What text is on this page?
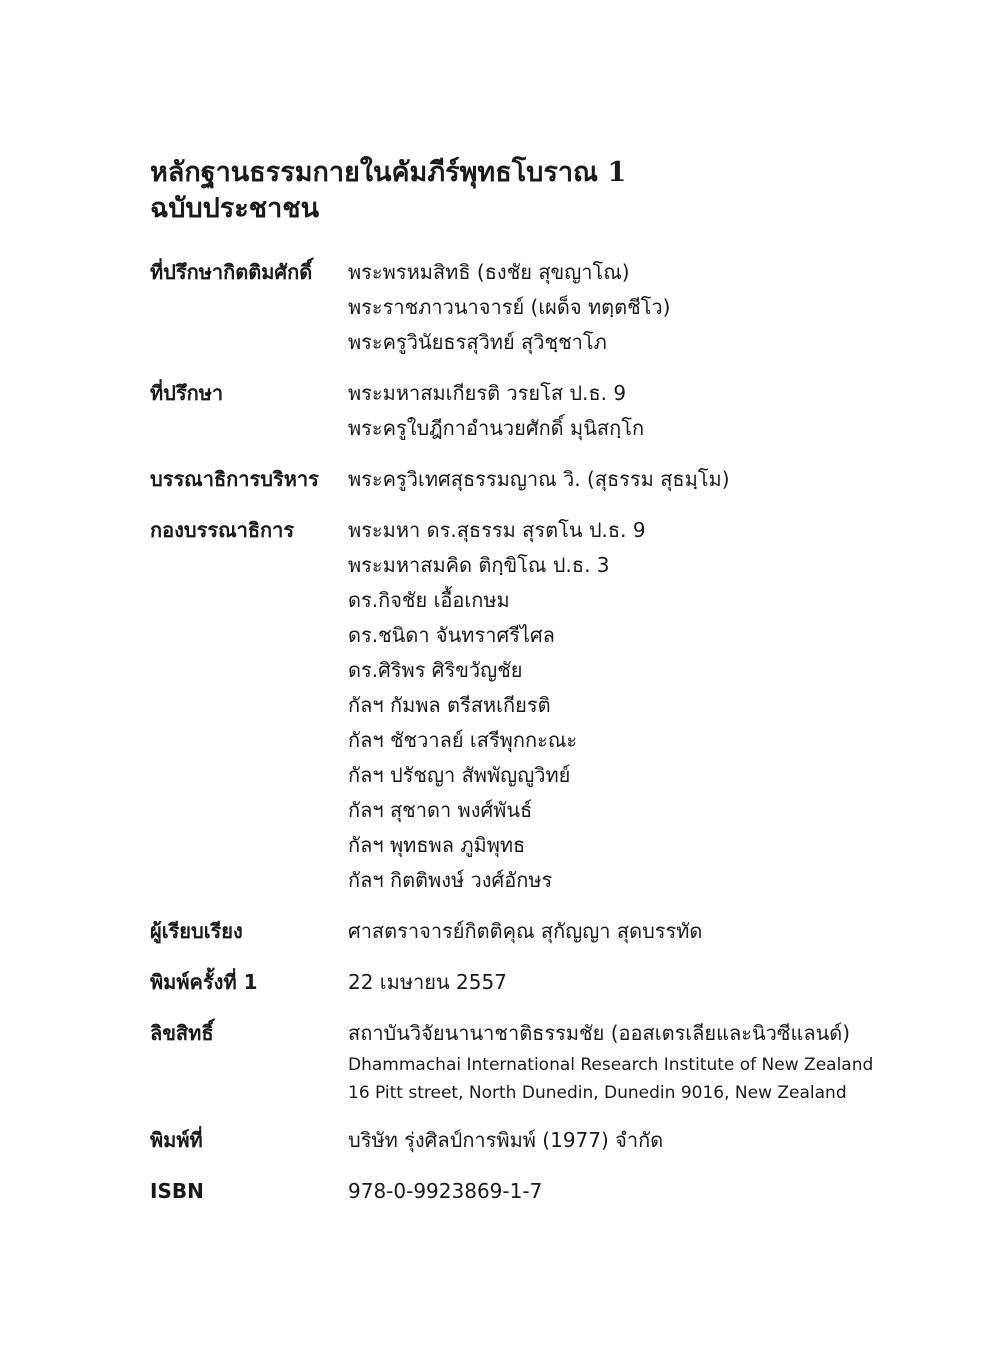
หลักฐานธรรมกายในคัมภีร์พุทธโบราณ 1
ฉบับประชาชน
ที่ปรึกษากิตติมศักดิ์	พระพรหมสิทธิ (ธงชัย สุขญาโณ)
พระราชภาวนาจารย์ (เผด็จ ทตฺตชีโว)
พระครูวินัยธรสุวิทย์ สุวิชฺชาโภ
ที่ปรึกษา	พระมหาสมเกียรติ วรยโส ป.ธ. 9
พระครูใบฎีกาอำนวยศักดิ์ มุนิสกฺโก
บรรณาธิการบริหาร	พระครูวิเทศสุธรรมญาณ วิ. (สุธรรม สุธมฺโม)
กองบรรณาธิการ	พระมหา ดร.สุธรรม สุรตโน ป.ธ. 9
พระมหาสมคิด ติกฺขิโณ ป.ธ. 3
ดร.กิจชัย เอื้อเกษม
ดร.ชนิดา จันทราศรีไศล
ดร.ศิริพร ศิริขวัญชัย
กัลฯ กัมพล ตรีสหเกียรติ
กัลฯ ชัชวาลย์ เสรีพุกกะณะ
กัลฯ ปรัชญา สัพพัญญูวิทย์
กัลฯ สุชาดา พงศ์พันธ์
กัลฯ พุทธพล ภูมิพุทธ
กัลฯ กิตติพงษ์ วงศ์อักษร
ผู้เรียบเรียง	ศาสตราจารย์กิตติคุณ สุกัญญา สุดบรรทัด
พิมพ์ครั้งที่ 1	22 เมษายน 2557
ลิขสิทธิ์	สถาบันวิจัยนานาชาติธรรมชัย (ออสเตรเลียและนิวซีแลนด์)
Dhammachai International Research Institute of New Zealand
16 Pitt street, North Dunedin, Dunedin 9016, New Zealand
พิมพ์ที่	บริษัท รุ่งศิลป์การพิมพ์ (1977) จำกัด
ISBN	978-0-9923869-1-7
